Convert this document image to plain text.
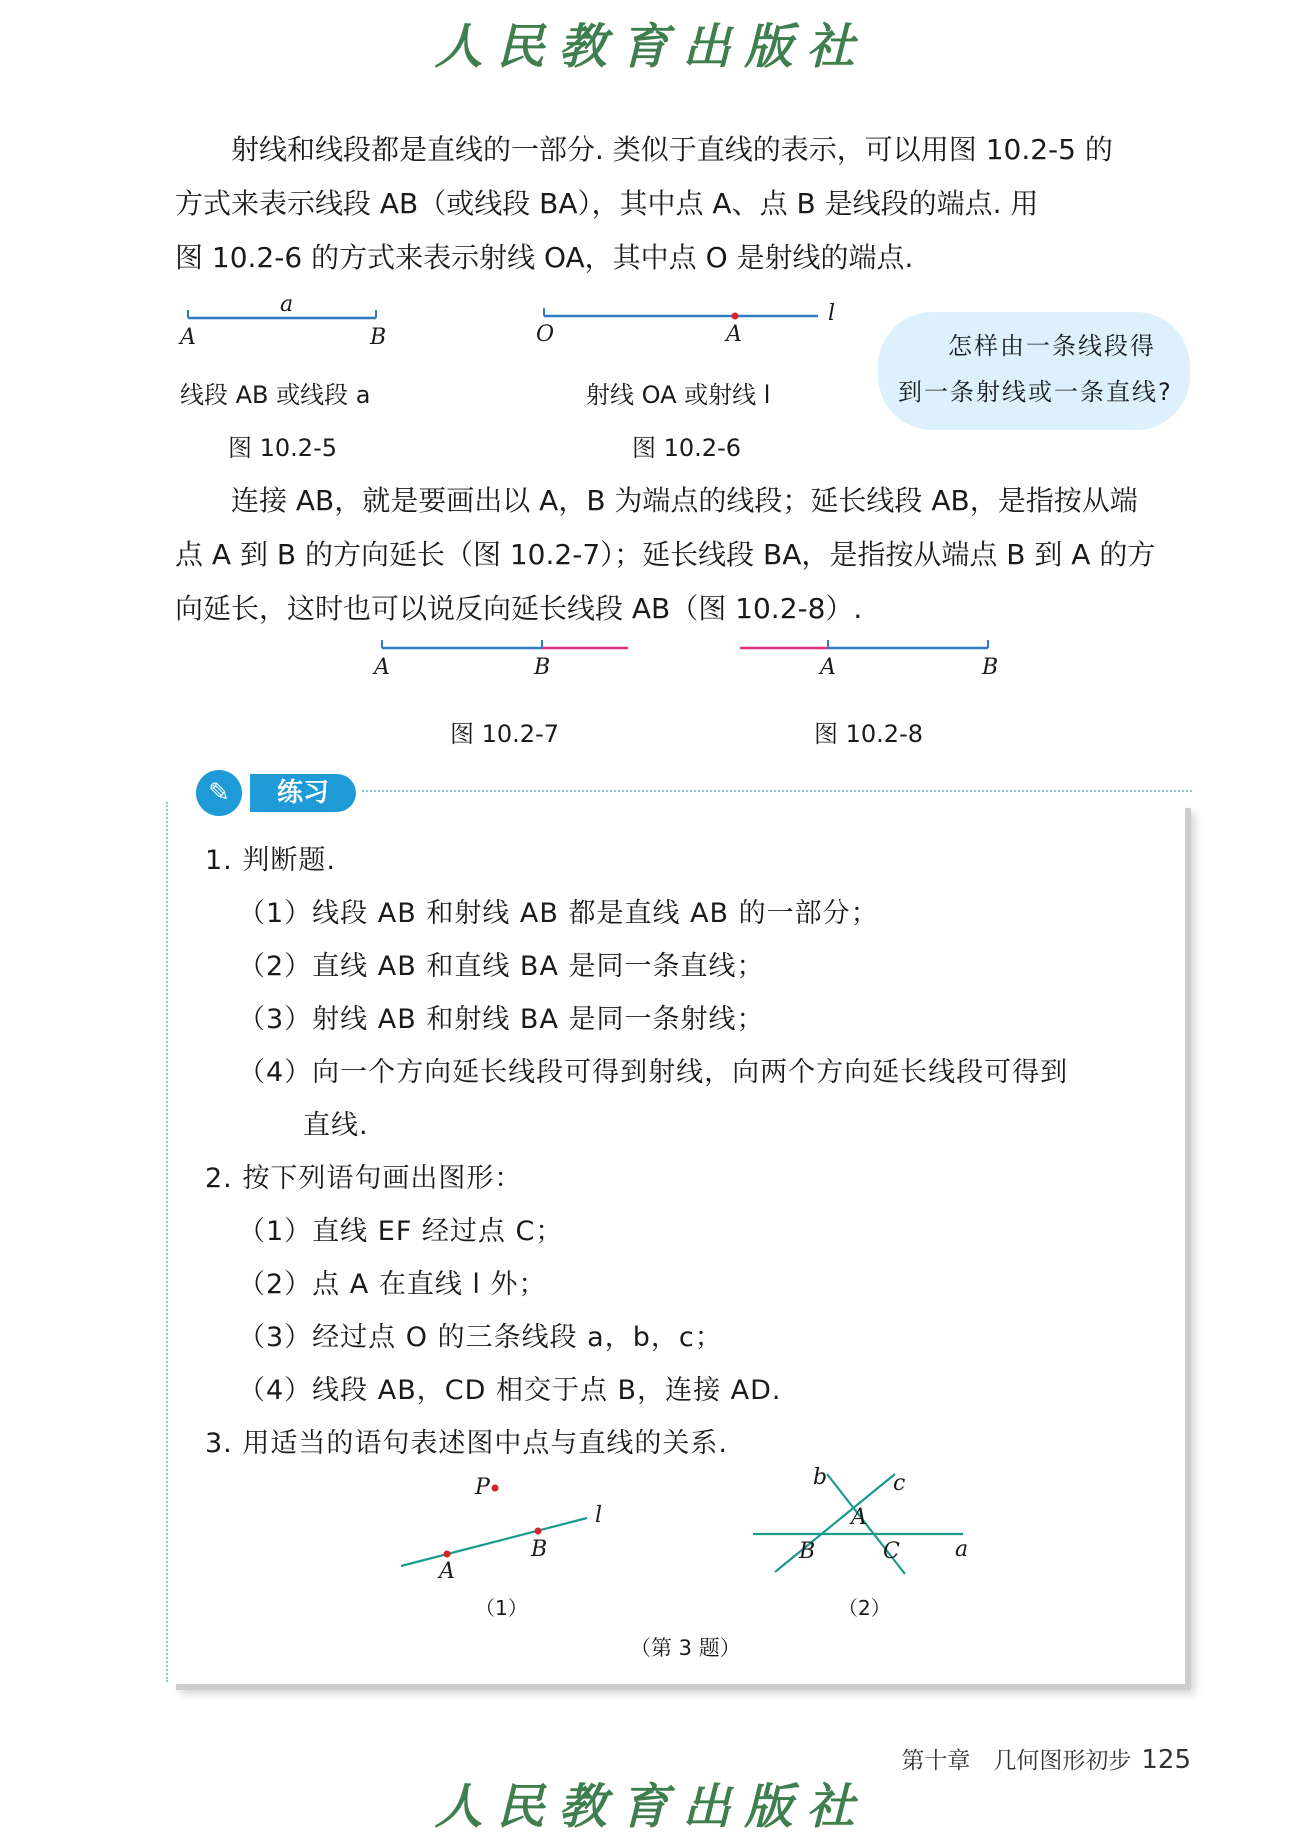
人民教育出版社
射线和线段都是直线的一部分. 类似于直线的表示，可以用图 10.2-5 的
方式来表示线段 AB（或线段 BA），其中点 A、点 B 是线段的端点. 用
图 10.2-6 的方式来表示射线 OA，其中点 O 是射线的端点.
a
A	B
线段 AB 或线段 a
图 10.2-5
O	A
l
射线 OA 或射线 l
图 10.2-6
怎样由一条线段得
到一条射线或一条直线?
连接 AB，就是要画出以 A，B 为端点的线段；延长线段 AB，是指按从端
点 A 到 B 的方向延长（图 10.2-7）；延长线段 BA，是指按从端点 B 到 A 的方
向延长，这时也可以说反向延长线段 AB（图 10.2-8）.
A	B
图 10.2-7
A	B
图 10.2-8
练习
✎
1. 判断题.
（1）线段 AB 和射线 AB 都是直线 AB 的一部分；
（2）直线 AB 和直线 BA 是同一条直线；
（3）射线 AB 和射线 BA 是同一条射线；
（4）向一个方向延长线段可得到射线，向两个方向延长线段可得到
直线.
2. 按下列语句画出图形：
（1）直线 EF 经过点 C；
（2）点 A 在直线 l 外；
（3）经过点 O 的三条线段 a，b，c；
（4）线段 AB，CD 相交于点 B，连接 AD.
3. 用适当的语句表述图中点与直线的关系.
P
A
B
l
（1）
b	c
A
B	C	a
（2）
（第 3 题）
第十章　几何图形初步 125
人民教育出版社
